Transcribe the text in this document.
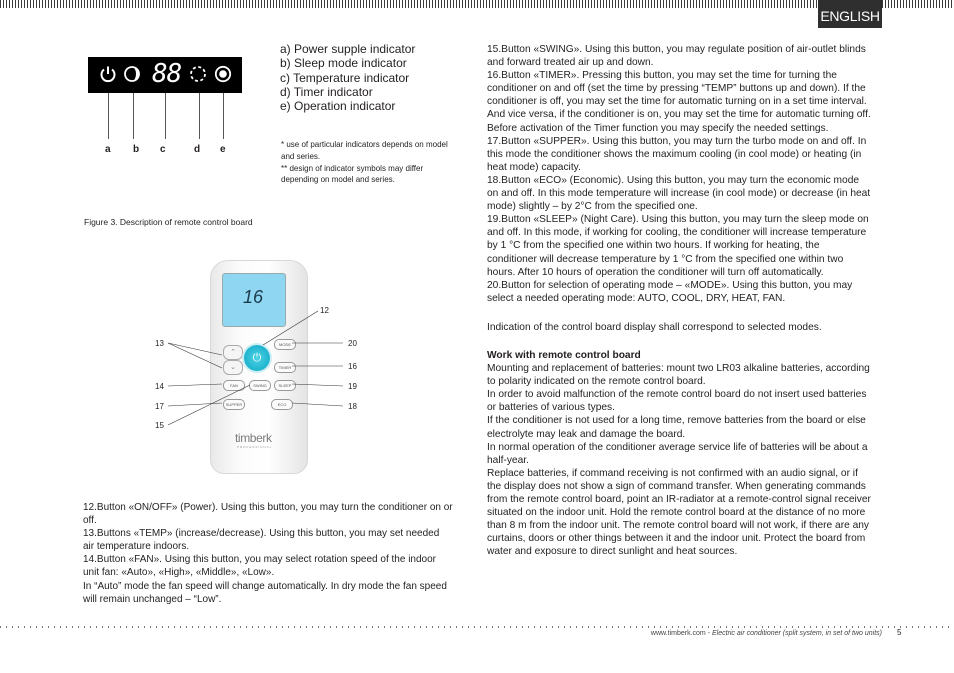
ENGLISH
88
a b c	d e
a) Power supple indicator
b) Sleep mode indicator
c) Temperature indicator
d) Timer indicator
e) Operation indicator
* use of particular indicators depends on model and series.
** design of indicator symbols may differ depending on model and series.
Figure 3. Description of remote control board
16
⌃
⌄
⏻
MODE
TIMER
FAN	SWING	SLEEP
SUPPER	ECO
timberk
PROFESSIONAL
12
13
14
15
16
17	18
19
20

12.Button «ON/OFF» (Power). Using this button, you may turn the conditioner on or off.

13.Buttons «TEMP» (increase/decrease). Using this button, you may set needed air temperature indoors.

14.Button «FAN». Using this button, you may select rotation speed of the indoor unit fan: «Auto», «High», «Middle», «Low».

In “Auto” mode the fan speed will change automatically. In dry mode the fan speed will remain unchanged – “Low”.

15.Button «SWING». Using this button, you may regulate position of air-outlet blinds and forward treated air up and down.

16.Button «TIMER». Pressing this button, you may set the time for turning the conditioner on and off (set the time by pressing “TEMP” buttons up and down). If the conditioner is off, you may set the time for automatic turning on in a set time interval. And vice versa, if the conditioner is on, you may set the time for automatic turning off. Before activation of the Timer function you may specify the needed settings.

17.Button «SUPPER». Using this button, you may turn the turbo mode on and off. In this mode the conditioner shows the maximum cooling (in cool mode) or heating (in heat mode) capacity.

18.Button «ECO» (Economic). Using this button, you may turn the economic mode on and off. In this mode temperature will increase (in cool mode) or decrease (in heat mode) slightly – by 2°C from the specified one.

19.Button «SLEEP» (Night Care). Using this button, you may turn the sleep mode on and off. In this mode, if working for cooling, the conditioner will increase temperature by 1 °C from the specified one within two hours. If working for heating, the conditioner will decrease temperature by 1 °C from the specified one within two hours. After 10 hours of operation the conditioner will turn off automatically.

20.Button for selection of operating mode – «MODE». Using this button, you may select a needed operating mode: AUTO, COOL, DRY, HEAT, FAN.

Indication of the control board display shall correspond to selected modes.

Work with remote control board

Mounting and replacement of batteries: mount two LR03 alkaline batteries, according to polarity indicated on the remote control board.

In order to avoid malfunction of the remote control board do not insert used batteries or batteries of various types.

If the conditioner is not used for a long time, remove batteries from the board or else electrolyte may leak and damage the board.

In normal operation of the conditioner average service life of batteries will be about a half-year.

Replace batteries, if command receiving is not confirmed with an audio signal, or if the display does not show a sign of command transfer. When generating commands from the remote control board, point an IR-radiator at a remote-control signal receiver situated on the indoor unit. Hold the remote control board at the distance of no more than 8 m from the indoor unit. The remote control board will not work, if there are any curtains, doors or other things between it and the indoor unit. Protect the board from water and exposure to direct sunlight and heat sources.

www.timberk.com - Electric air conditioner (split system, in set of two units) 5
